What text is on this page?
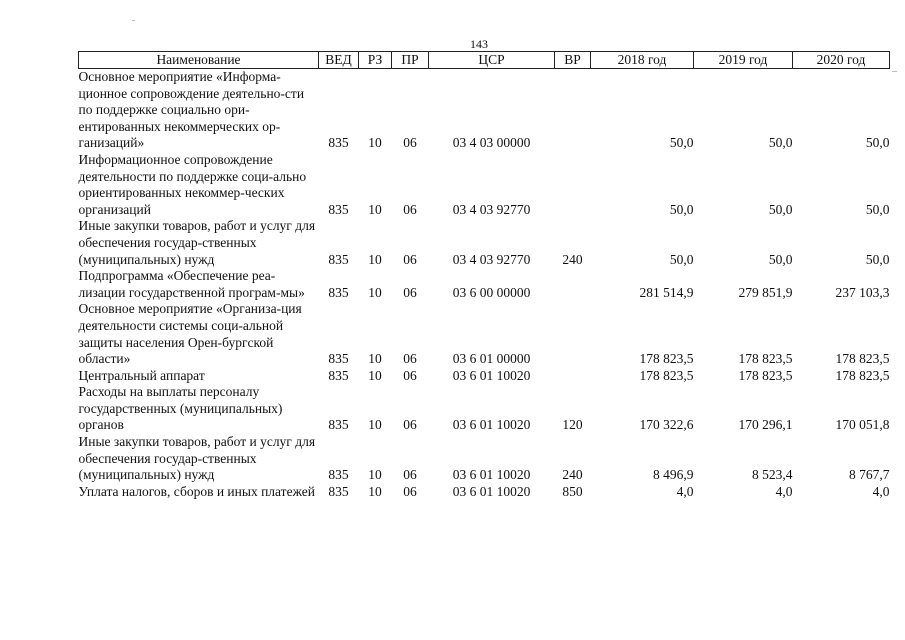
143
Наименование	ВЕД	РЗ	ПР	ЦСР	ВР	2018 год	2019 год	2020 год
Основное мероприятие «Информа-ционное сопровождение деятельно-сти по поддержке социально ори-ентированных некоммерческих ор-ганизаций»	835	10	06	03 4 03 00000		50,0	50,0	50,0
Информационное сопровождение деятельности по поддержке соци-ально ориентированных некоммер-ческих организаций	835	10	06	03 4 03 92770		50,0	50,0	50,0
Иные закупки товаров, работ и услуг для обеспечения государ-ственных (муниципальных) нужд	835	10	06	03 4 03 92770	240	50,0	50,0	50,0
Подпрограмма «Обеспечение реа-лизации государственной програм-мы»	835	10	06	03 6 00 00000		281 514,9	279 851,9	237 103,3
Основное мероприятие «Организа-ция деятельности системы соци-альной защиты населения Орен-бургской области»	835	10	06	03 6 01 00000		178 823,5	178 823,5	178 823,5
Центральный аппарат	835	10	06	03 6 01 10020		178 823,5	178 823,5	178 823,5
Расходы на выплаты персоналу государственных (муниципальных) органов	835	10	06	03 6 01 10020	120	170 322,6	170 296,1	170 051,8
Иные закупки товаров, работ и услуг для обеспечения государ-ственных (муниципальных) нужд	835	10	06	03 6 01 10020	240	8 496,9	8 523,4	8 767,7
Уплата налогов, сборов и иных платежей	835	10	06	03 6 01 10020	850	4,0	4,0	4,0
